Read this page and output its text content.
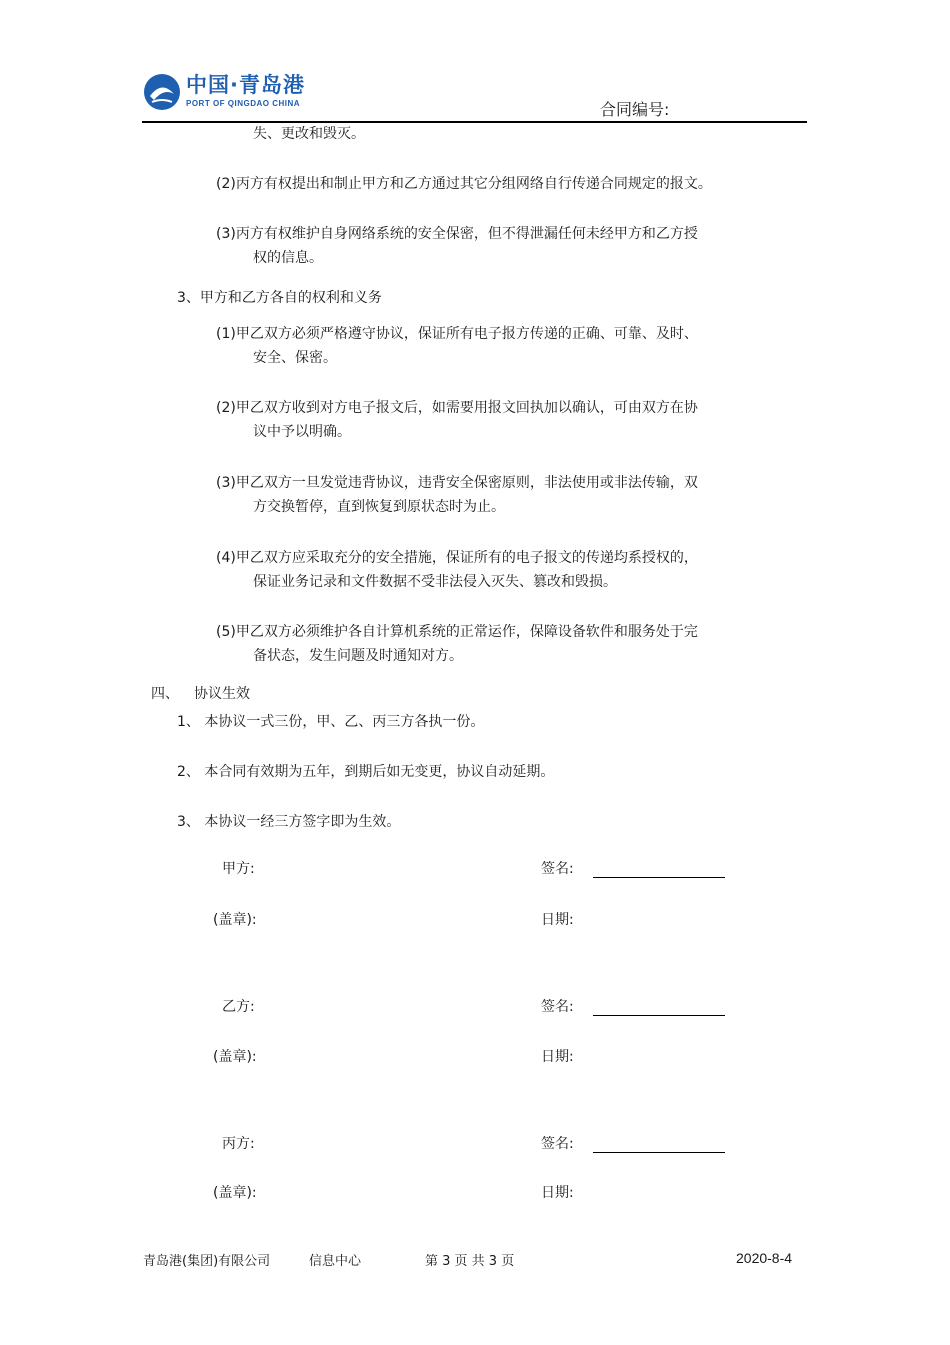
中国·青岛港
PORT OF QINGDAO CHINA	合同编号:
失、更改和毁灭。
(2)丙方有权提出和制止甲方和乙方通过其它分组网络自行传递合同规定的报文。
(3)丙方有权维护自身网络系统的安全保密，但不得泄漏任何未经甲方和乙方授
权的信息。
3、甲方和乙方各自的权利和义务
(1)甲乙双方必须严格遵守协议，保证所有电子报方传递的正确、可靠、及时、
安全、保密。
(2)甲乙双方收到对方电子报文后，如需要用报文回执加以确认，可由双方在协
议中予以明确。
(3)甲乙双方一旦发觉违背协议，违背安全保密原则，非法使用或非法传输，双
方交换暂停，直到恢复到原状态时为止。
(4)甲乙双方应采取充分的安全措施，保证所有的电子报文的传递均系授权的，
保证业务记录和文件数据不受非法侵入灭失、篡改和毁损。
(5)甲乙双方必须维护各自计算机系统的正常运作，保障设备软件和服务处于完
备状态，发生问题及时通知对方。
四、 协议生效
1、 本协议一式三份，甲、乙、丙三方各执一份。
2、 本合同有效期为五年，到期后如无变更，协议自动延期。
3、 本协议一经三方签字即为生效。
甲方:	签名:
(盖章):	日期:
乙方:	签名:
(盖章):	日期:
丙方:	签名:
(盖章):	日期:
青岛港(集团)有限公司	信息中心	第 3 页 共 3 页	2020-8-4
